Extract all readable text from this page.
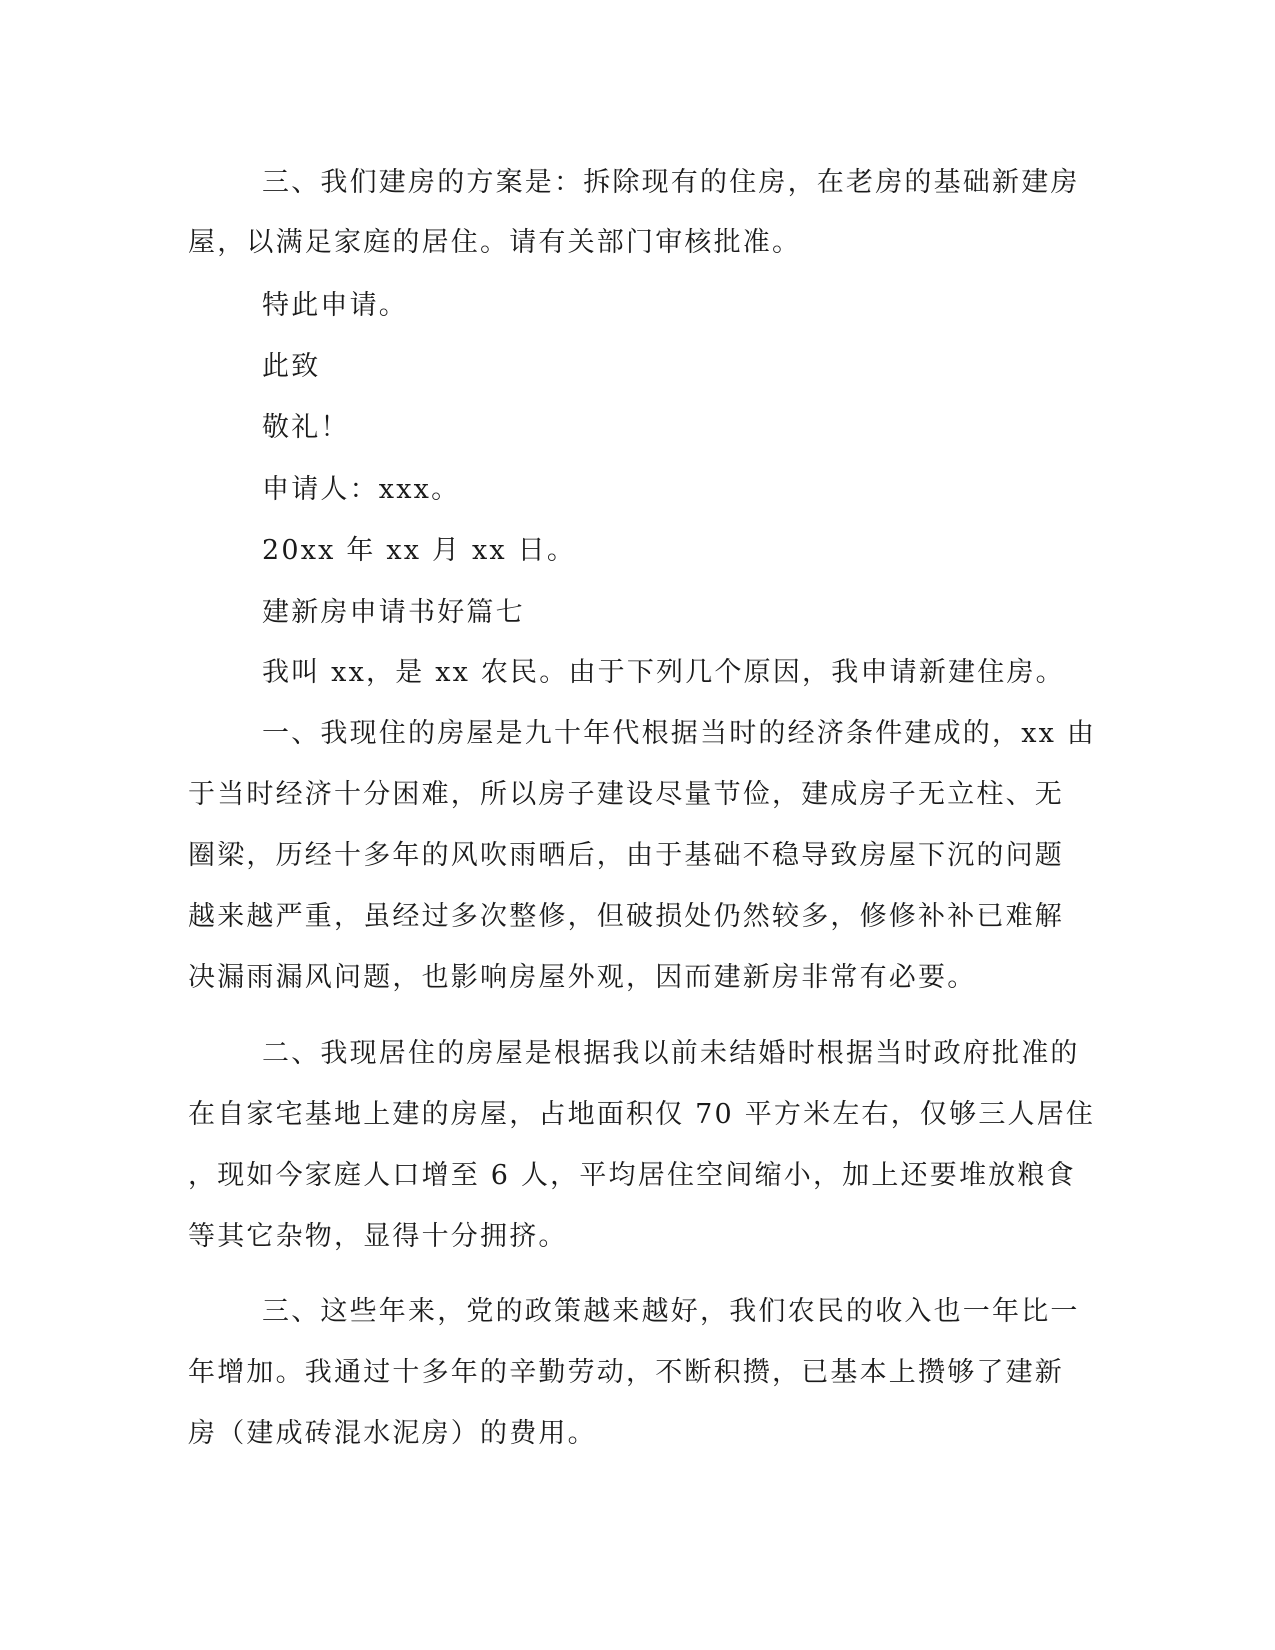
三、我们建房的方案是：拆除现有的住房，在老房的基础新建房
屋，以满足家庭的居住。请有关部门审核批准。
特此申请。
此致
敬礼！
申请人：xxx。
20xx 年 xx 月 xx 日。
建新房申请书好篇七
我叫 xx，是 xx 农民。由于下列几个原因，我申请新建住房。
一、我现住的房屋是九十年代根据当时的经济条件建成的，xx 由
于当时经济十分困难，所以房子建设尽量节俭，建成房子无立柱、无
圈梁，历经十多年的风吹雨晒后，由于基础不稳导致房屋下沉的问题
越来越严重，虽经过多次整修，但破损处仍然较多，修修补补已难解
决漏雨漏风问题，也影响房屋外观，因而建新房非常有必要。
二、我现居住的房屋是根据我以前未结婚时根据当时政府批准的
在自家宅基地上建的房屋，占地面积仅 70 平方米左右，仅够三人居住
，现如今家庭人口增至 6 人，平均居住空间缩小，加上还要堆放粮食
等其它杂物，显得十分拥挤。
三、这些年来，党的政策越来越好，我们农民的收入也一年比一
年增加。我通过十多年的辛勤劳动，不断积攒，已基本上攒够了建新
房（建成砖混水泥房）的费用。
